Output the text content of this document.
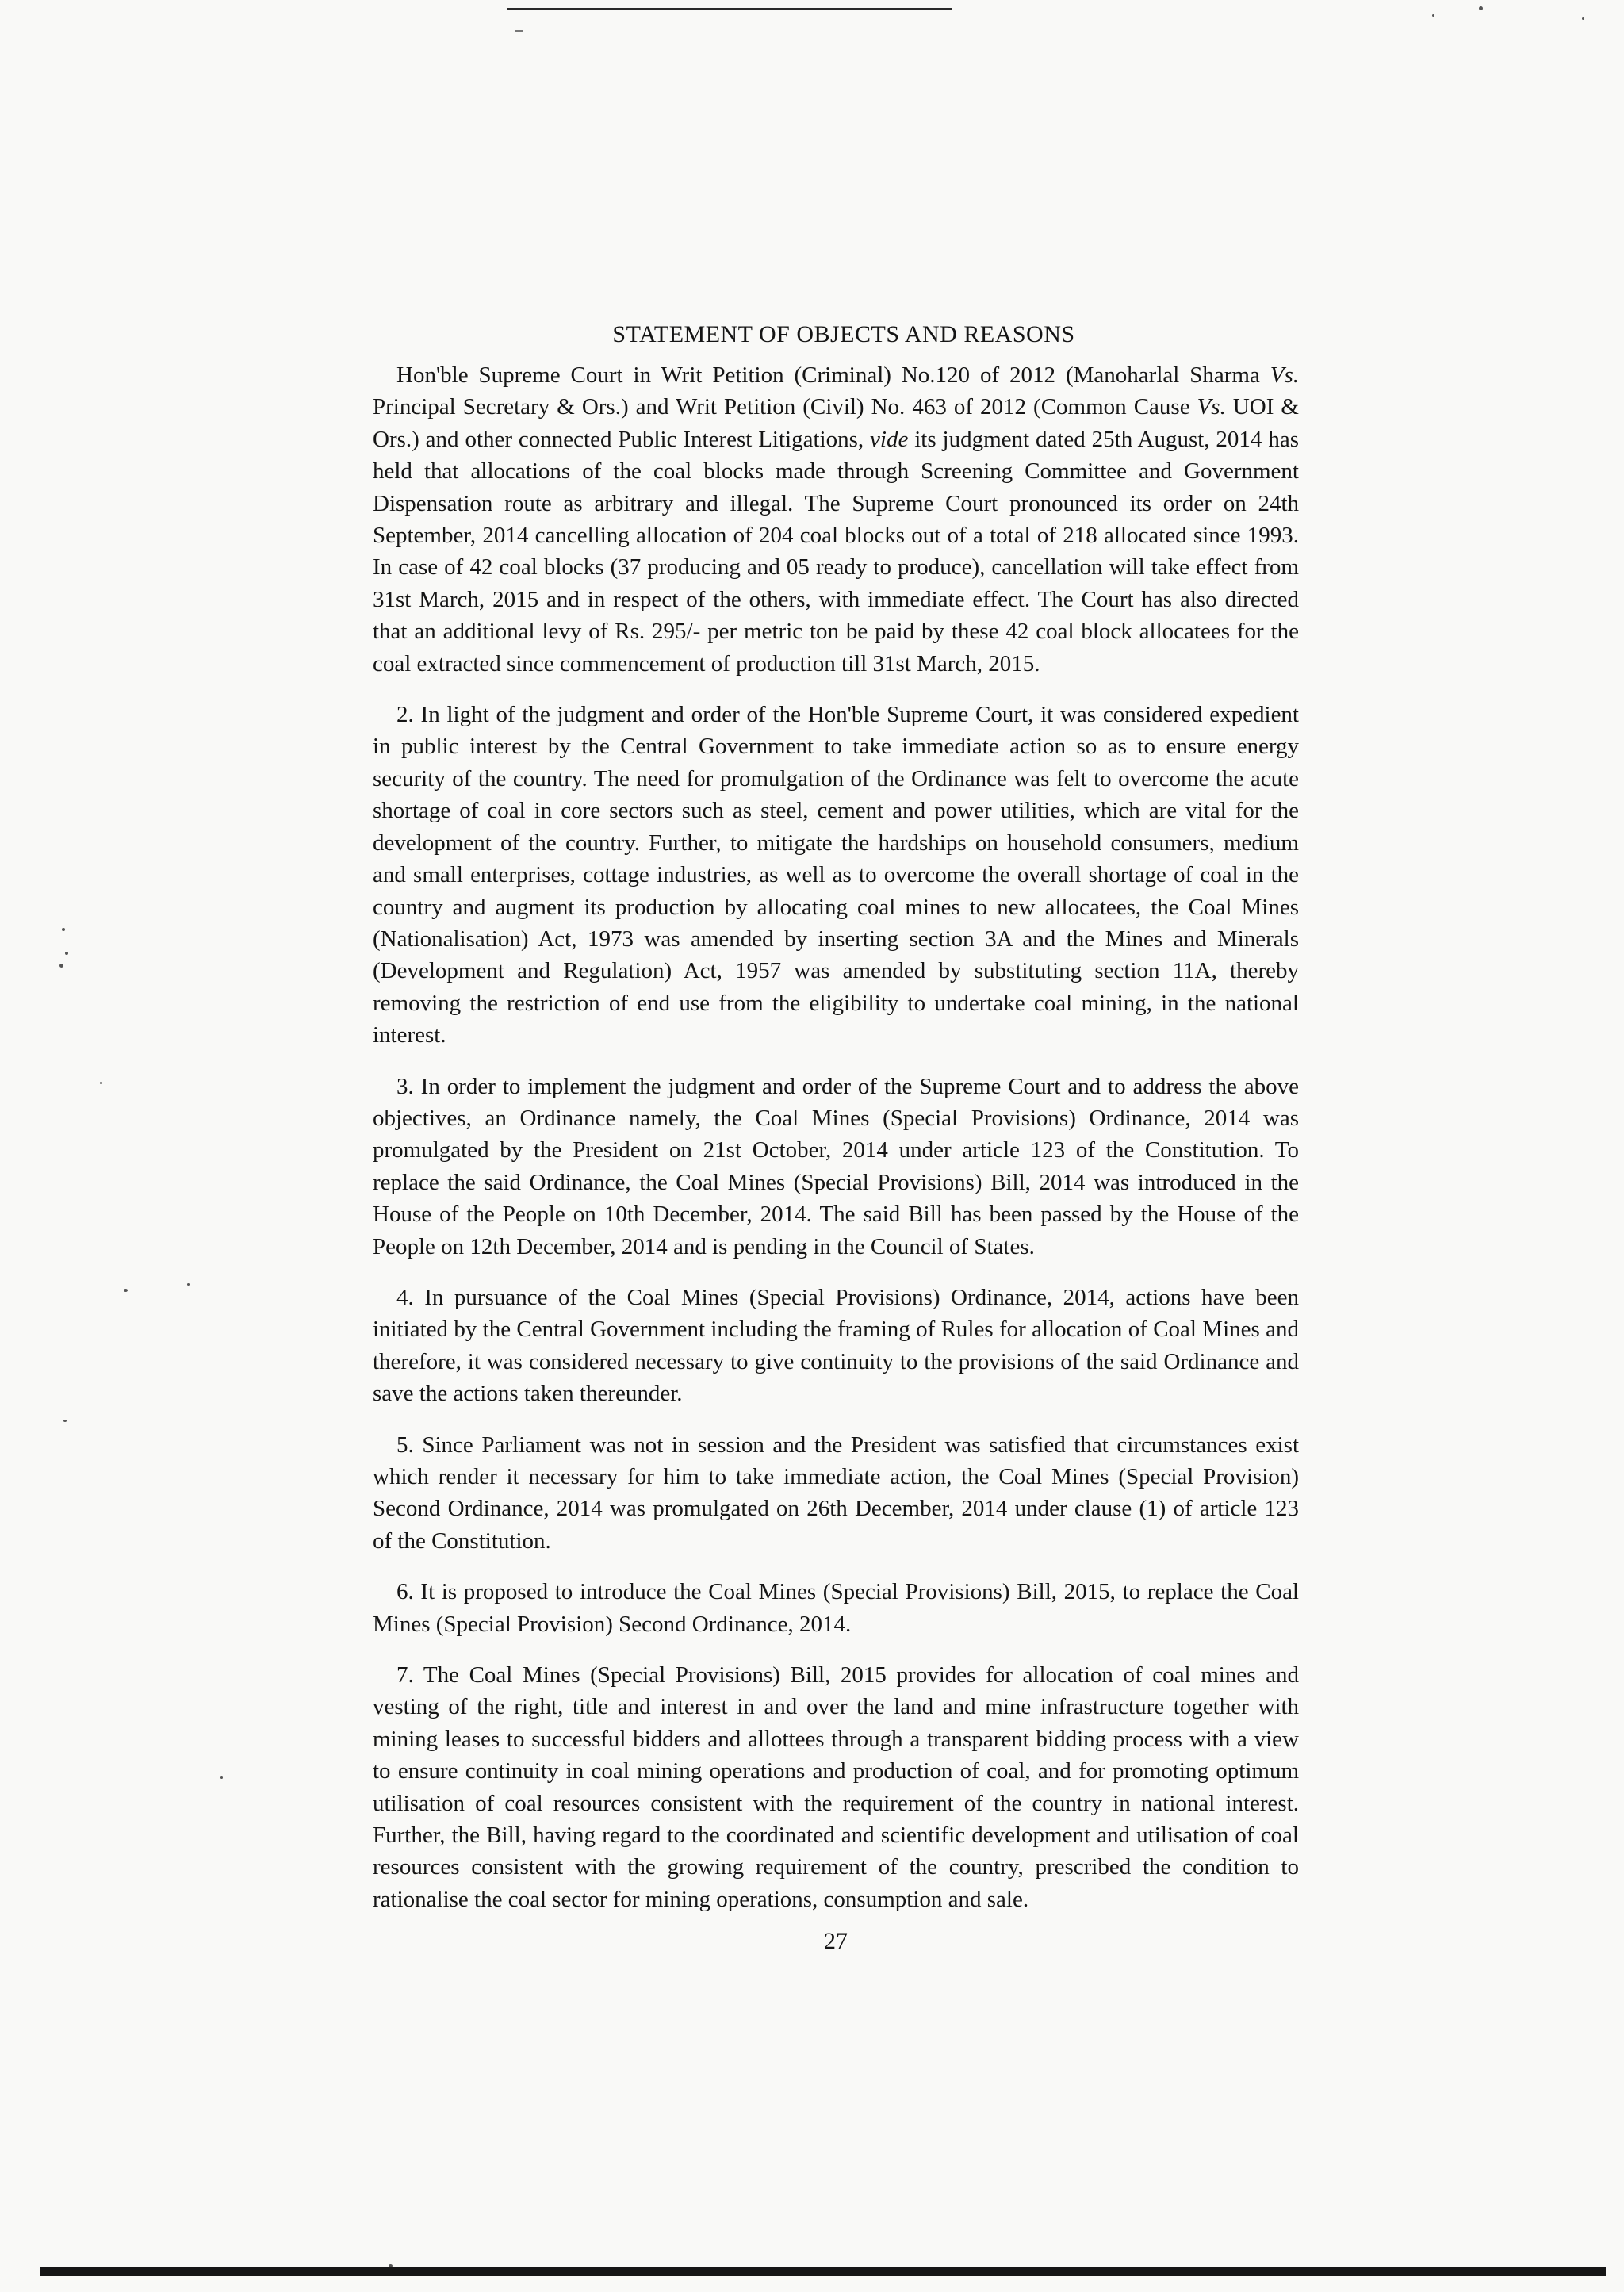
STATEMENT OF OBJECTS AND REASONS

Hon'ble Supreme Court in Writ Petition (Criminal) No.120 of 2012 (Manoharlal Sharma Vs. Principal Secretary & Ors.) and Writ Petition (Civil) No. 463 of 2012 (Common Cause Vs. UOI & Ors.) and other connected Public Interest Litigations, vide its judgment dated 25th August, 2014 has held that allocations of the coal blocks made through Screening Committee and Government Dispensation route as arbitrary and illegal. The Supreme Court pronounced its order on 24th September, 2014 cancelling allocation of 204 coal blocks out of a total of 218 allocated since 1993. In case of 42 coal blocks (37 producing and 05 ready to produce), cancellation will take effect from 31st March, 2015 and in respect of the others, with immediate effect. The Court has also directed that an additional levy of Rs. 295/- per metric ton be paid by these 42 coal block allocatees for the coal extracted since commencement of production till 31st March, 2015.

2. In light of the judgment and order of the Hon'ble Supreme Court, it was considered expedient in public interest by the Central Government to take immediate action so as to ensure energy security of the country. The need for promulgation of the Ordinance was felt to overcome the acute shortage of coal in core sectors such as steel, cement and power utilities, which are vital for the development of the country. Further, to mitigate the hardships on household consumers, medium and small enterprises, cottage industries, as well as to overcome the overall shortage of coal in the country and augment its production by allocating coal mines to new allocatees, the Coal Mines (Nationalisation) Act, 1973 was amended by inserting section 3A and the Mines and Minerals (Development and Regulation) Act, 1957 was amended by substituting section 11A, thereby removing the restriction of end use from the eligibility to undertake coal mining, in the national interest.

3. In order to implement the judgment and order of the Supreme Court and to address the above objectives, an Ordinance namely, the Coal Mines (Special Provisions) Ordinance, 2014 was promulgated by the President on 21st October, 2014 under article 123 of the Constitution. To replace the said Ordinance, the Coal Mines (Special Provisions) Bill, 2014 was introduced in the House of the People on 10th December, 2014. The said Bill has been passed by the House of the People on 12th December, 2014 and is pending in the Council of States.

4. In pursuance of the Coal Mines (Special Provisions) Ordinance, 2014, actions have been initiated by the Central Government including the framing of Rules for allocation of Coal Mines and therefore, it was considered necessary to give continuity to the provisions of the said Ordinance and save the actions taken thereunder.

5. Since Parliament was not in session and the President was satisfied that circumstances exist which render it necessary for him to take immediate action, the Coal Mines (Special Provision) Second Ordinance, 2014 was promulgated on 26th December, 2014 under clause (1) of article 123 of the Constitution.

6. It is proposed to introduce the Coal Mines (Special Provisions) Bill, 2015, to replace the Coal Mines (Special Provision) Second Ordinance, 2014.

7. The Coal Mines (Special Provisions) Bill, 2015 provides for allocation of coal mines and vesting of the right, title and interest in and over the land and mine infrastructure together with mining leases to successful bidders and allottees through a transparent bidding process with a view to ensure continuity in coal mining operations and production of coal, and for promoting optimum utilisation of coal resources consistent with the requirement of the country in national interest. Further, the Bill, having regard to the coordinated and scientific development and utilisation of coal resources consistent with the growing requirement of the country, prescribed the condition to rationalise the coal sector for mining operations, consumption and sale.

27
